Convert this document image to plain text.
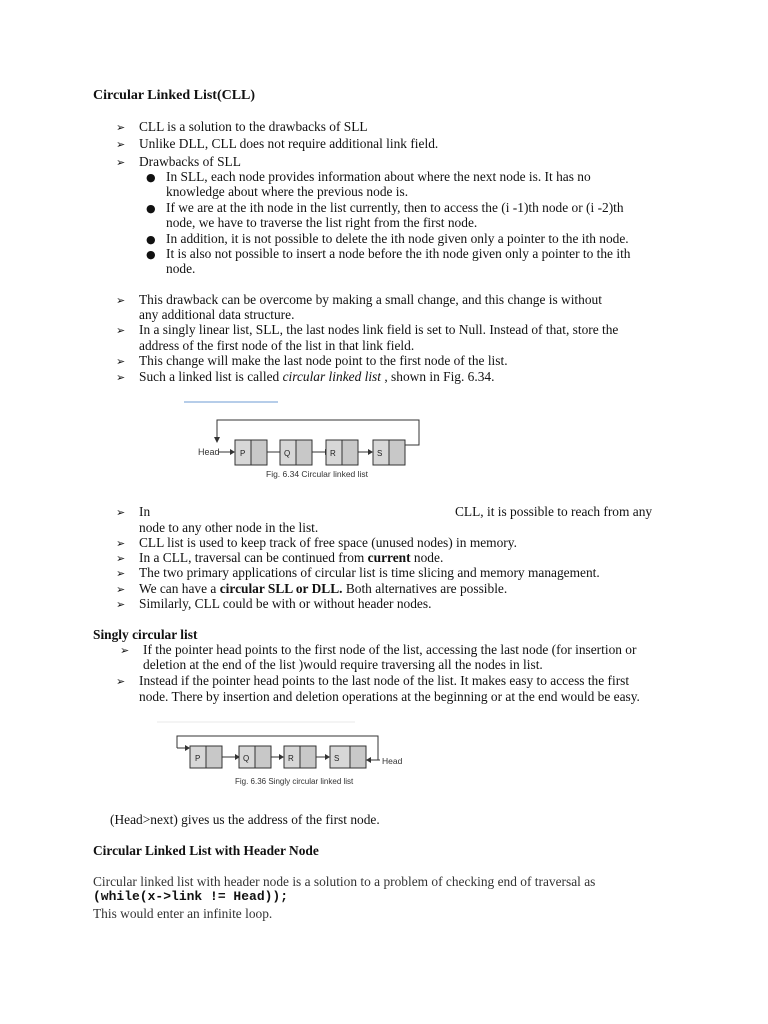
Circular Linked List(CLL)
➢ CLL is a solution to the drawbacks of SLL
➢ Unlike DLL, CLL does not require additional link field.
➢ Drawbacks of SLL
● In SLL, each node provides information about where the next node is. It has no
knowledge about where the previous node is.
● If we are at the ith node in the list currently, then to access the (i -1)th node or (i -2)th
node, we have to traverse the list right from the first node.
● In addition, it is not possible to delete the ith node given only a pointer to the ith node.
● It is also not possible to insert a node before the ith node given only a pointer to the ith
node.
➢ This drawback can be overcome by making a small change, and this change is without
any additional data structure.
➢ In a singly linear list, SLL, the last nodes link field is set to Null. Instead of that, store the
address of the first node of the list in that link field.
➢ This change will make the last node point to the first node of the list.
➢ Such a linked list is called circular linked list , shown in Fig. 6.34.
Head	P	Q	R	S
Fig. 6.34 Circular linked list
➢ In	CLL, it is possible to reach from any
node to any other node in the list.
➢ CLL list is used to keep track of free space (unused nodes) in memory.
➢ In a CLL, traversal can be continued from current node.
➢ The two primary applications of circular list is time slicing and memory management.
➢ We can have a circular SLL or DLL. Both alternatives are possible.
➢ Similarly, CLL could be with or without header nodes.
Singly circular list
➢ If the pointer head points to the first node of the list, accessing the last node (for insertion or
deletion at the end of the list )would require traversing all the nodes in list.
➢ Instead if the pointer head points to the last node of the list. It makes easy to access the first
node. There by insertion and deletion operations at the beginning or at the end would be easy.
P	Q	R	S	Head
Fig. 6.36 Singly circular linked list
(Head>next) gives us the address of the first node.
Circular Linked List with Header Node
Circular linked list with header node is a solution to a problem of checking end of traversal as
(while(x->link != Head));
This would enter an infinite loop.
